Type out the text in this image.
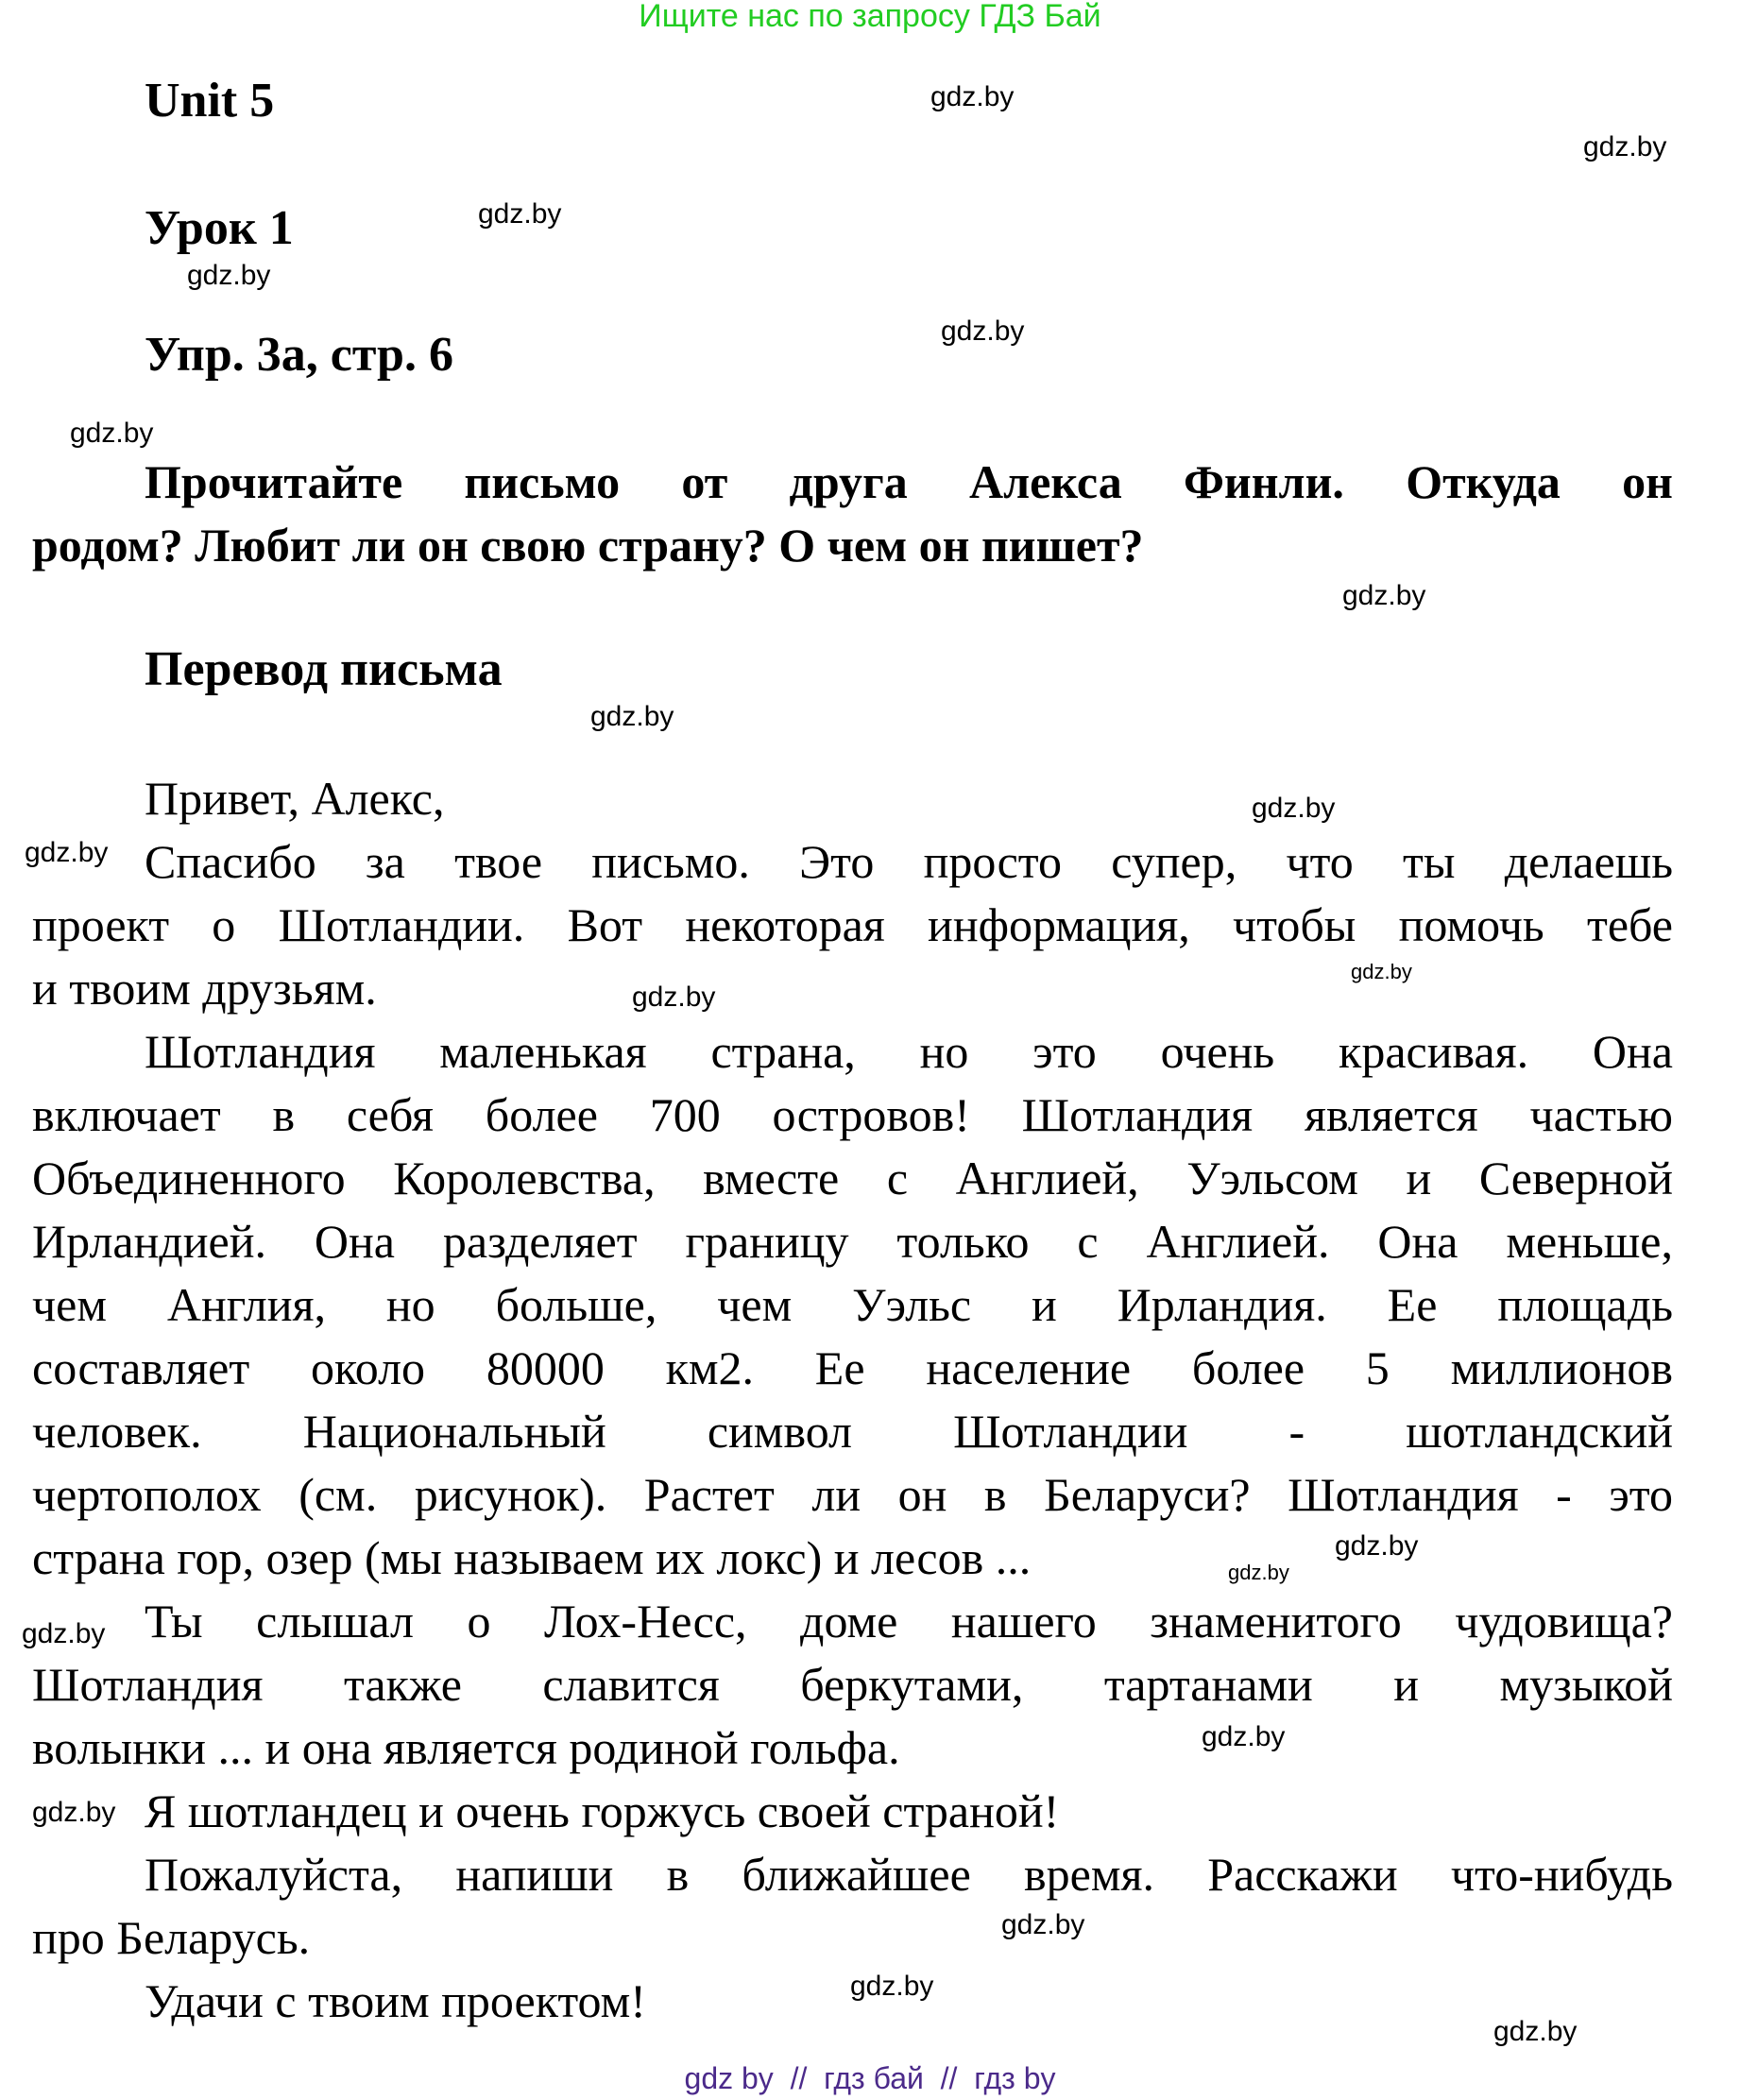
Ищите нас по запросу ГДЗ Бай
Unit 5
Урок 1
Упр. 3а, стр. 6
Прочитайте письмо от друга Алекса Финли. Откуда он
родом? Любит ли он свою страну? О чем он пишет?
Перевод письма
Привет, Алекс,
Спасибо за твое письмо. Это просто супер, что ты делаешь
проект о Шотландии. Вот некоторая информация, чтобы помочь тебе
и твоим друзьям.
Шотландия маленькая страна, но это очень красивая. Она
включает в себя более 700 островов! Шотландия является частью
Объединенного Королевства, вместе с Англией, Уэльсом и Северной
Ирландией. Она разделяет границу только с Англией. Она меньше,
чем Англия, но больше, чем Уэльс и Ирландия. Ее площадь
составляет около 80000 км2. Ее население более 5 миллионов
человек. Национальный символ Шотландии - шотландский
чертополох (см. рисунок). Растет ли он в Беларуси? Шотландия - это
страна гор, озер (мы называем их локс) и лесов ...
Ты слышал о Лох-Несс, доме нашего знаменитого чудовища?
Шотландия также славится беркутами, тартанами и музыкой
волынки ... и она является родиной гольфа.
Я шотландец и очень горжусь своей страной!
Пожалуйста, напиши в ближайшее время. Расскажи что-нибудь
про Беларусь.
Удачи с твоим проектом!
gdz.by
gdz.by
gdz.by
gdz.by
gdz.by
gdz.by
gdz.by
gdz.by
gdz.by
gdz.by
gdz.by
gdz.by
gdz.by
gdz.by
gdz.by
gdz.by
gdz.by
gdz.by
gdz.by
gdz.by
gdz by  //  гдз бай  //  гдз by
